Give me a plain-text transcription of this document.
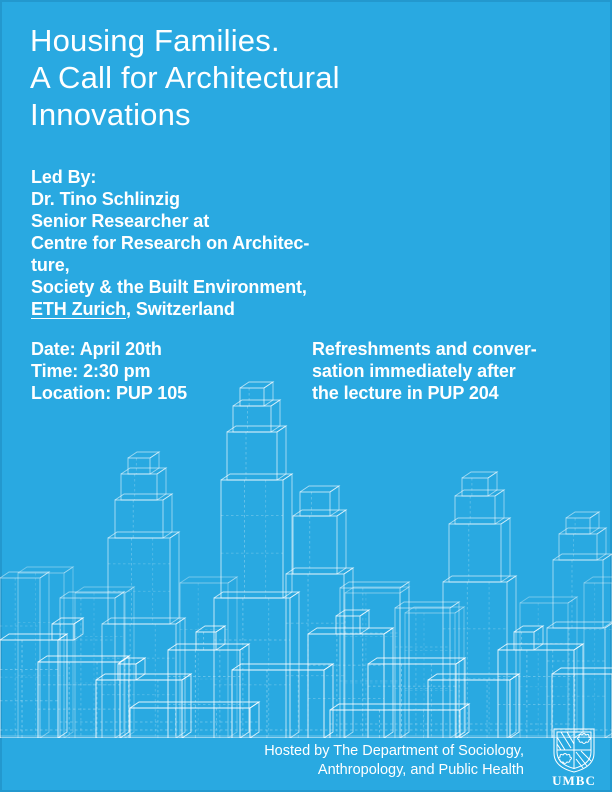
Housing Families.
A Call for Architectural
Innovations
Led By:
Dr. Tino Schlinzig
Senior Researcher at
Centre for Research on Architec-
ture,
Society & the Built Environment,
ETH Zurich, Switzerland
Date: April 20th
Time: 2:30 pm
Location: PUP 105
Refreshments and conver-
sation immediately after
the lecture in PUP 204
Hosted by The Department of Sociology,
Anthropology, and Public Health
UMBC
